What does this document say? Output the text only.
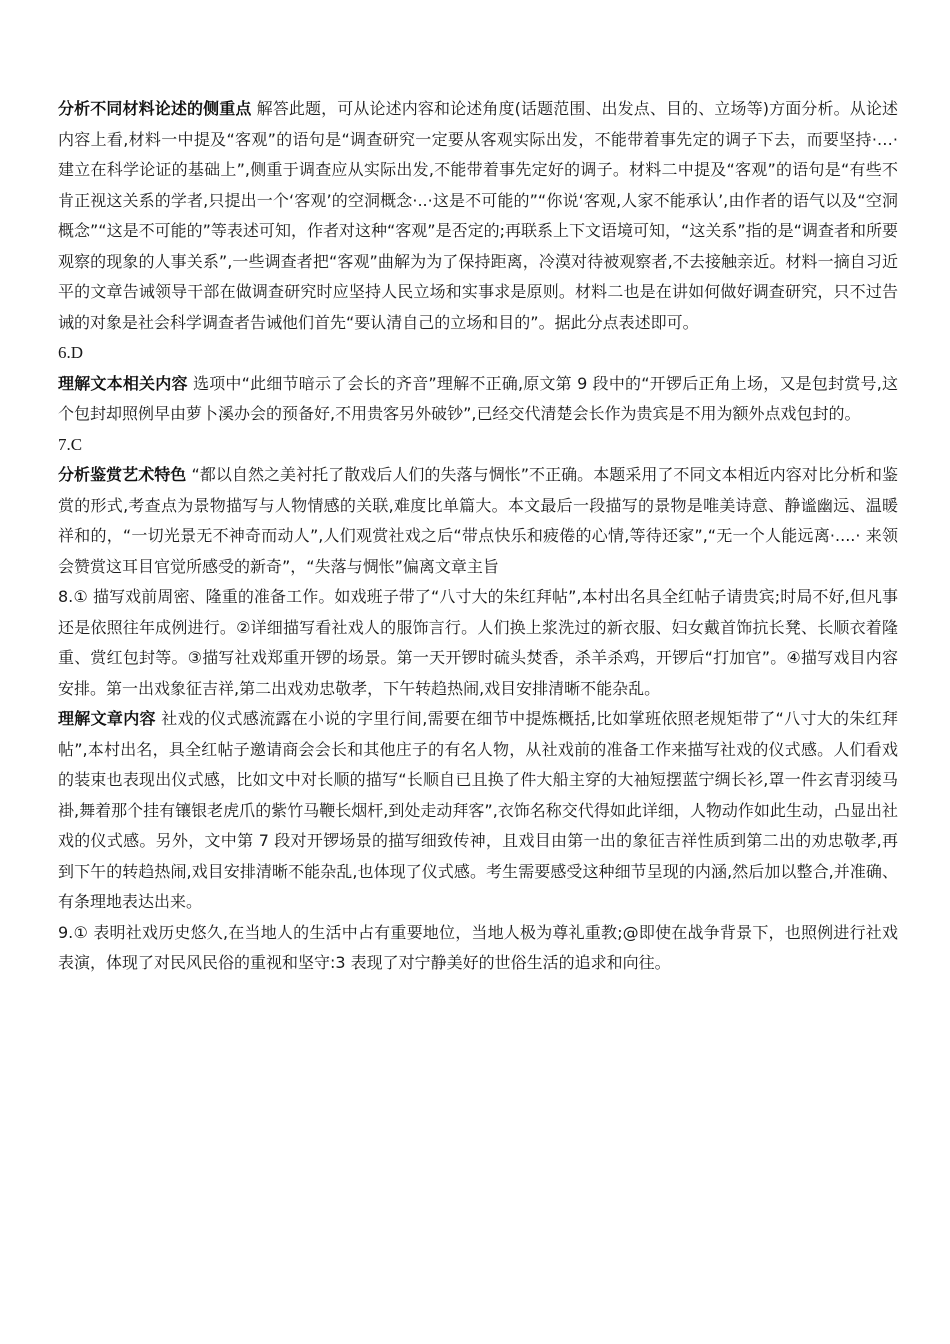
分析不同材料论述的侧重点 解答此题，可从论述内容和论述角度(话题范围、出发点、目的、立场等)方面分析。从论述内容上看,材料一中提及“客观”的语句是“调查研究一定要从客观实际出发，不能带着事先定的调子下去，而要坚持·…·建立在科学论证的基础上”,侧重于调查应从实际出发,不能带着事先定好的调子。材料二中提及“客观”的语句是“有些不肯正视这关系的学者,只提出一个‘客观’的空洞概念·..·这是不可能的”“你说‘客观,人家不能承认’,由作者的语气以及“空洞概念”“这是不可能的”等表述可知，作者对这种“客观”是否定的;再联系上下文语境可知，“这关系”指的是“调查者和所要观察的现象的人事关系”,一些调查者把“客观”曲解为为了保持距离，冷漠对待被观察者,不去接触亲近。材料一摘自习近平的文章告诫领导干部在做调查研究时应坚持人民立场和实事求是原则。材料二也是在讲如何做好调查研究，只不过告诫的对象是社会科学调查者告诫他们首先“要认清自己的立场和目的”。据此分点表述即可。

6.D

理解文本相关内容 选项中“此细节暗示了会长的齐音”理解不正确,原文第 9 段中的“开锣后正角上场，又是包封赏号,这个包封却照例早由萝卜溪办会的预备好,不用贵客另外破钞”,已经交代清楚会长作为贵宾是不用为额外点戏包封的。

7.C

分析鉴赏艺术特色 “都以自然之美衬托了散戏后人们的失落与惆怅”不正确。本题采用了不同文本相近内容对比分析和鉴赏的形式,考查点为景物描写与人物情感的关联,难度比单篇大。本文最后一段描写的景物是唯美诗意、静谧幽远、温暖祥和的，“一切光景无不神奇而动人”,人们观赏社戏之后“带点快乐和疲倦的心情,等待还家”,“无一个人能远离·....· 来领会赞赏这耳目官觉所感受的新奇”，“失落与惆怅”偏离文章主旨

8.① 描写戏前周密、隆重的准备工作。如戏班子带了“八寸大的朱红拜帖”,本村出名具全红帖子请贵宾;时局不好,但凡事还是依照往年成例进行。②详细描写看社戏人的服饰言行。人们换上浆洗过的新衣服、妇女戴首饰抗长凳、长顺衣着隆重、赏红包封等。③描写社戏郑重开锣的场景。第一天开锣时硫头焚香，杀羊杀鸡，开锣后“打加官”。④描写戏目内容安排。第一出戏象征吉祥,第二出戏劝忠敬孝，下午转趋热闹,戏目安排清晰不能杂乱。

理解文章内容 社戏的仪式感流露在小说的字里行间,需要在细节中提炼概括,比如掌班依照老规矩带了“八寸大的朱红拜帖”,本村出名，具全红帖子邀请商会会长和其他庄子的有名人物，从社戏前的准备工作来描写社戏的仪式感。人们看戏的装束也表现出仪式感，比如文中对长顺的描写“长顺自已且换了件大船主穿的大袖短摆蓝宁绸长衫,罩一件玄青羽绫马褂,舞着那个挂有镶银老虎爪的紫竹马鞭长烟杆,到处走动拜客”,衣饰名称交代得如此详细，人物动作如此生动，凸显出社戏的仪式感。另外，文中第 7 段对开锣场景的描写细致传神，且戏目由第一出的象征吉祥性质到第二出的劝忠敬孝,再到下午的转趋热闹,戏目安排清晰不能杂乱,也体现了仪式感。考生需要感受这种细节呈现的内涵,然后加以整合,并准确、有条理地表达出来。

9.① 表明社戏历史悠久,在当地人的生活中占有重要地位，当地人极为尊礼重教;@即使在战争背景下，也照例进行社戏表演，体现了对民风民俗的重视和坚守:3 表现了对宁静美好的世俗生活的追求和向往。
